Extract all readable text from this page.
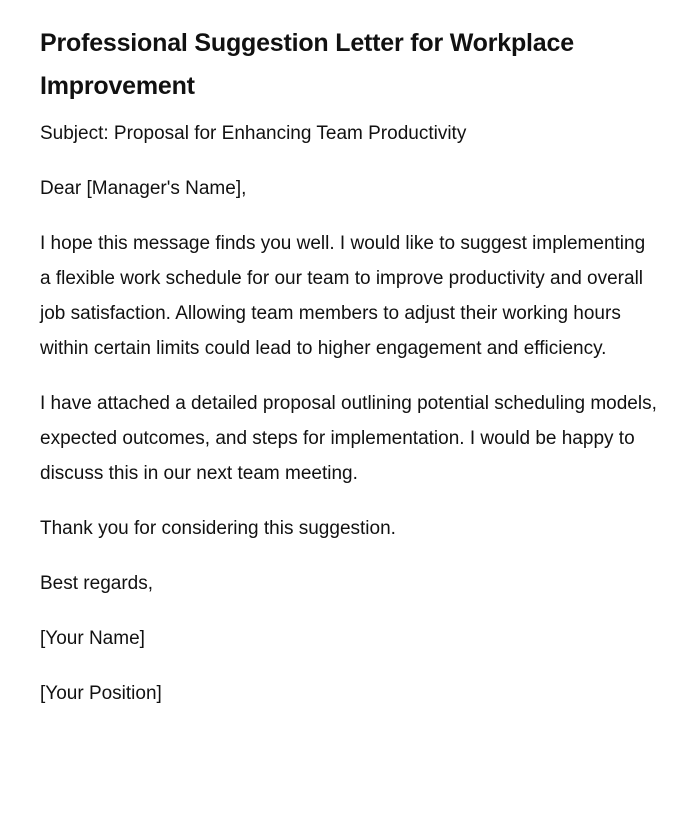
Professional Suggestion Letter for Workplace Improvement

Subject: Proposal for Enhancing Team Productivity

Dear [Manager's Name],

I hope this message finds you well. I would like to suggest implementing a flexible work schedule for our team to improve productivity and overall job satisfaction. Allowing team members to adjust their working hours within certain limits could lead to higher engagement and efficiency.

I have attached a detailed proposal outlining potential scheduling models, expected outcomes, and steps for implementation. I would be happy to discuss this in our next team meeting.

Thank you for considering this suggestion.

Best regards,

[Your Name]

[Your Position]
